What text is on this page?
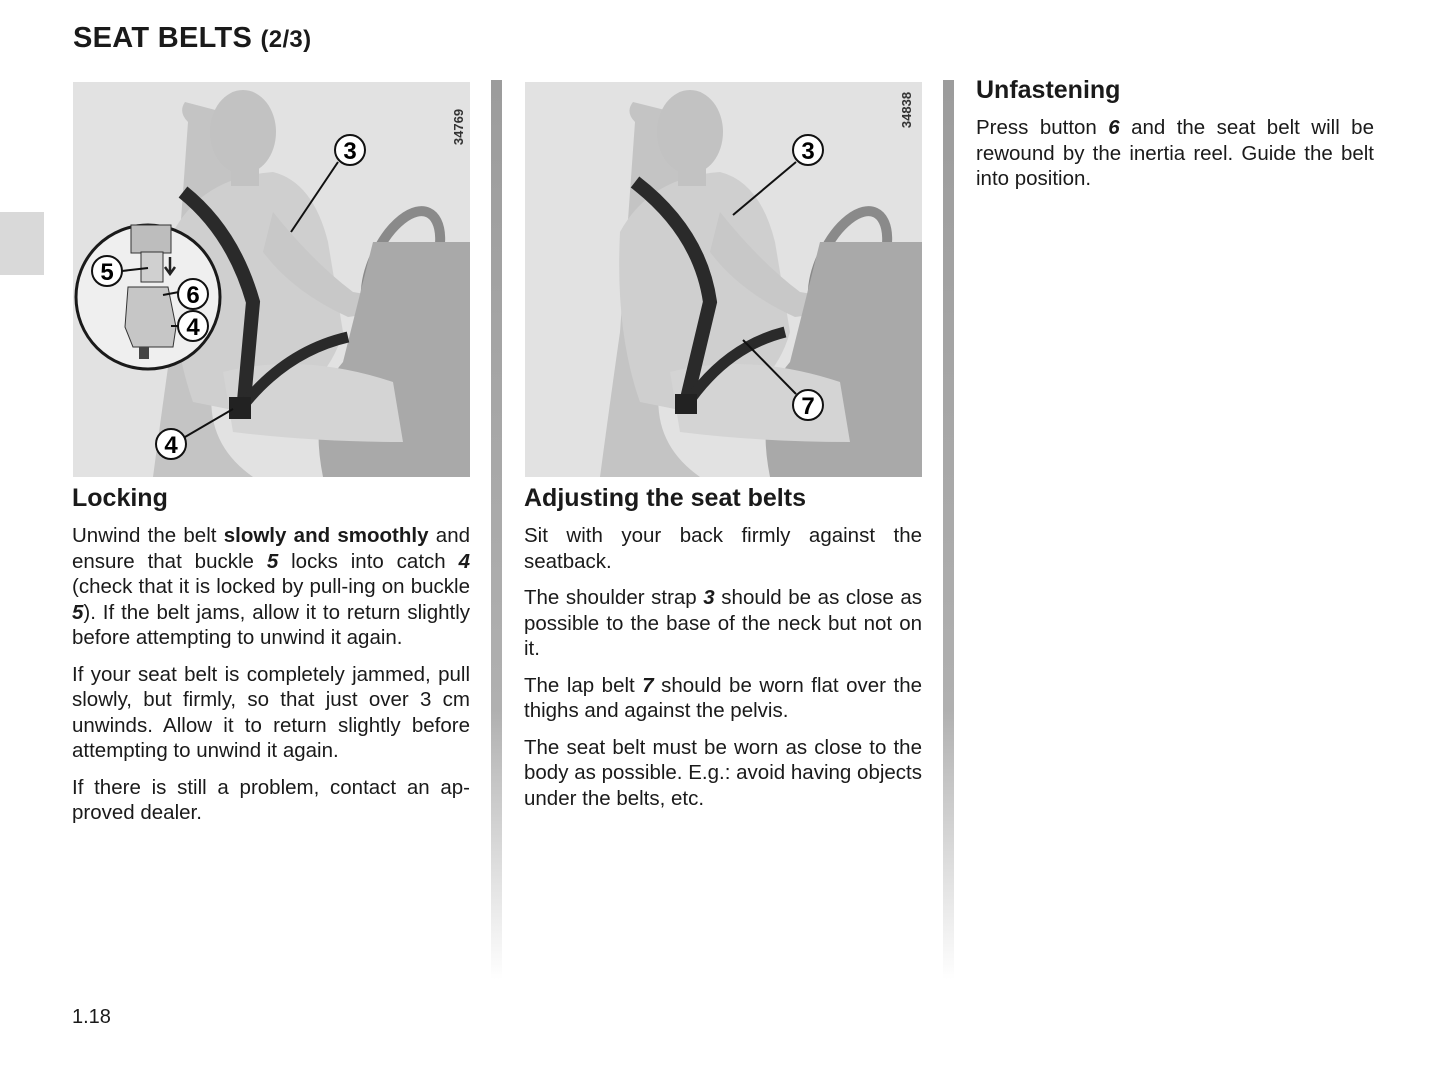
SEAT BELTS (2/3)
3
5
6
4
4
34769
3
7
34838
Locking

Unwind the belt slowly and smoothly and ensure that buckle 5 locks into catch 4 (check that it is locked by pull-ing on buckle 5). If the belt jams, allow it to return slightly before attempting to unwind it again.

If your seat belt is completely jammed, pull slowly, but firmly, so that just over 3 cm unwinds. Allow it to return slightly before attempting to unwind it again.

If there is still a problem, contact an ap-proved dealer.

Adjusting the seat belts

Sit with your back firmly against the seatback.

The shoulder strap 3 should be as close as possible to the base of the neck but not on it.

The lap belt 7 should be worn flat over the thighs and against the pelvis.

The seat belt must be worn as close to the body as possible. E.g.: avoid having objects under the belts, etc.

Unfastening

Press button 6 and the seat belt will be rewound by the inertia reel. Guide the belt into position.

1.18
